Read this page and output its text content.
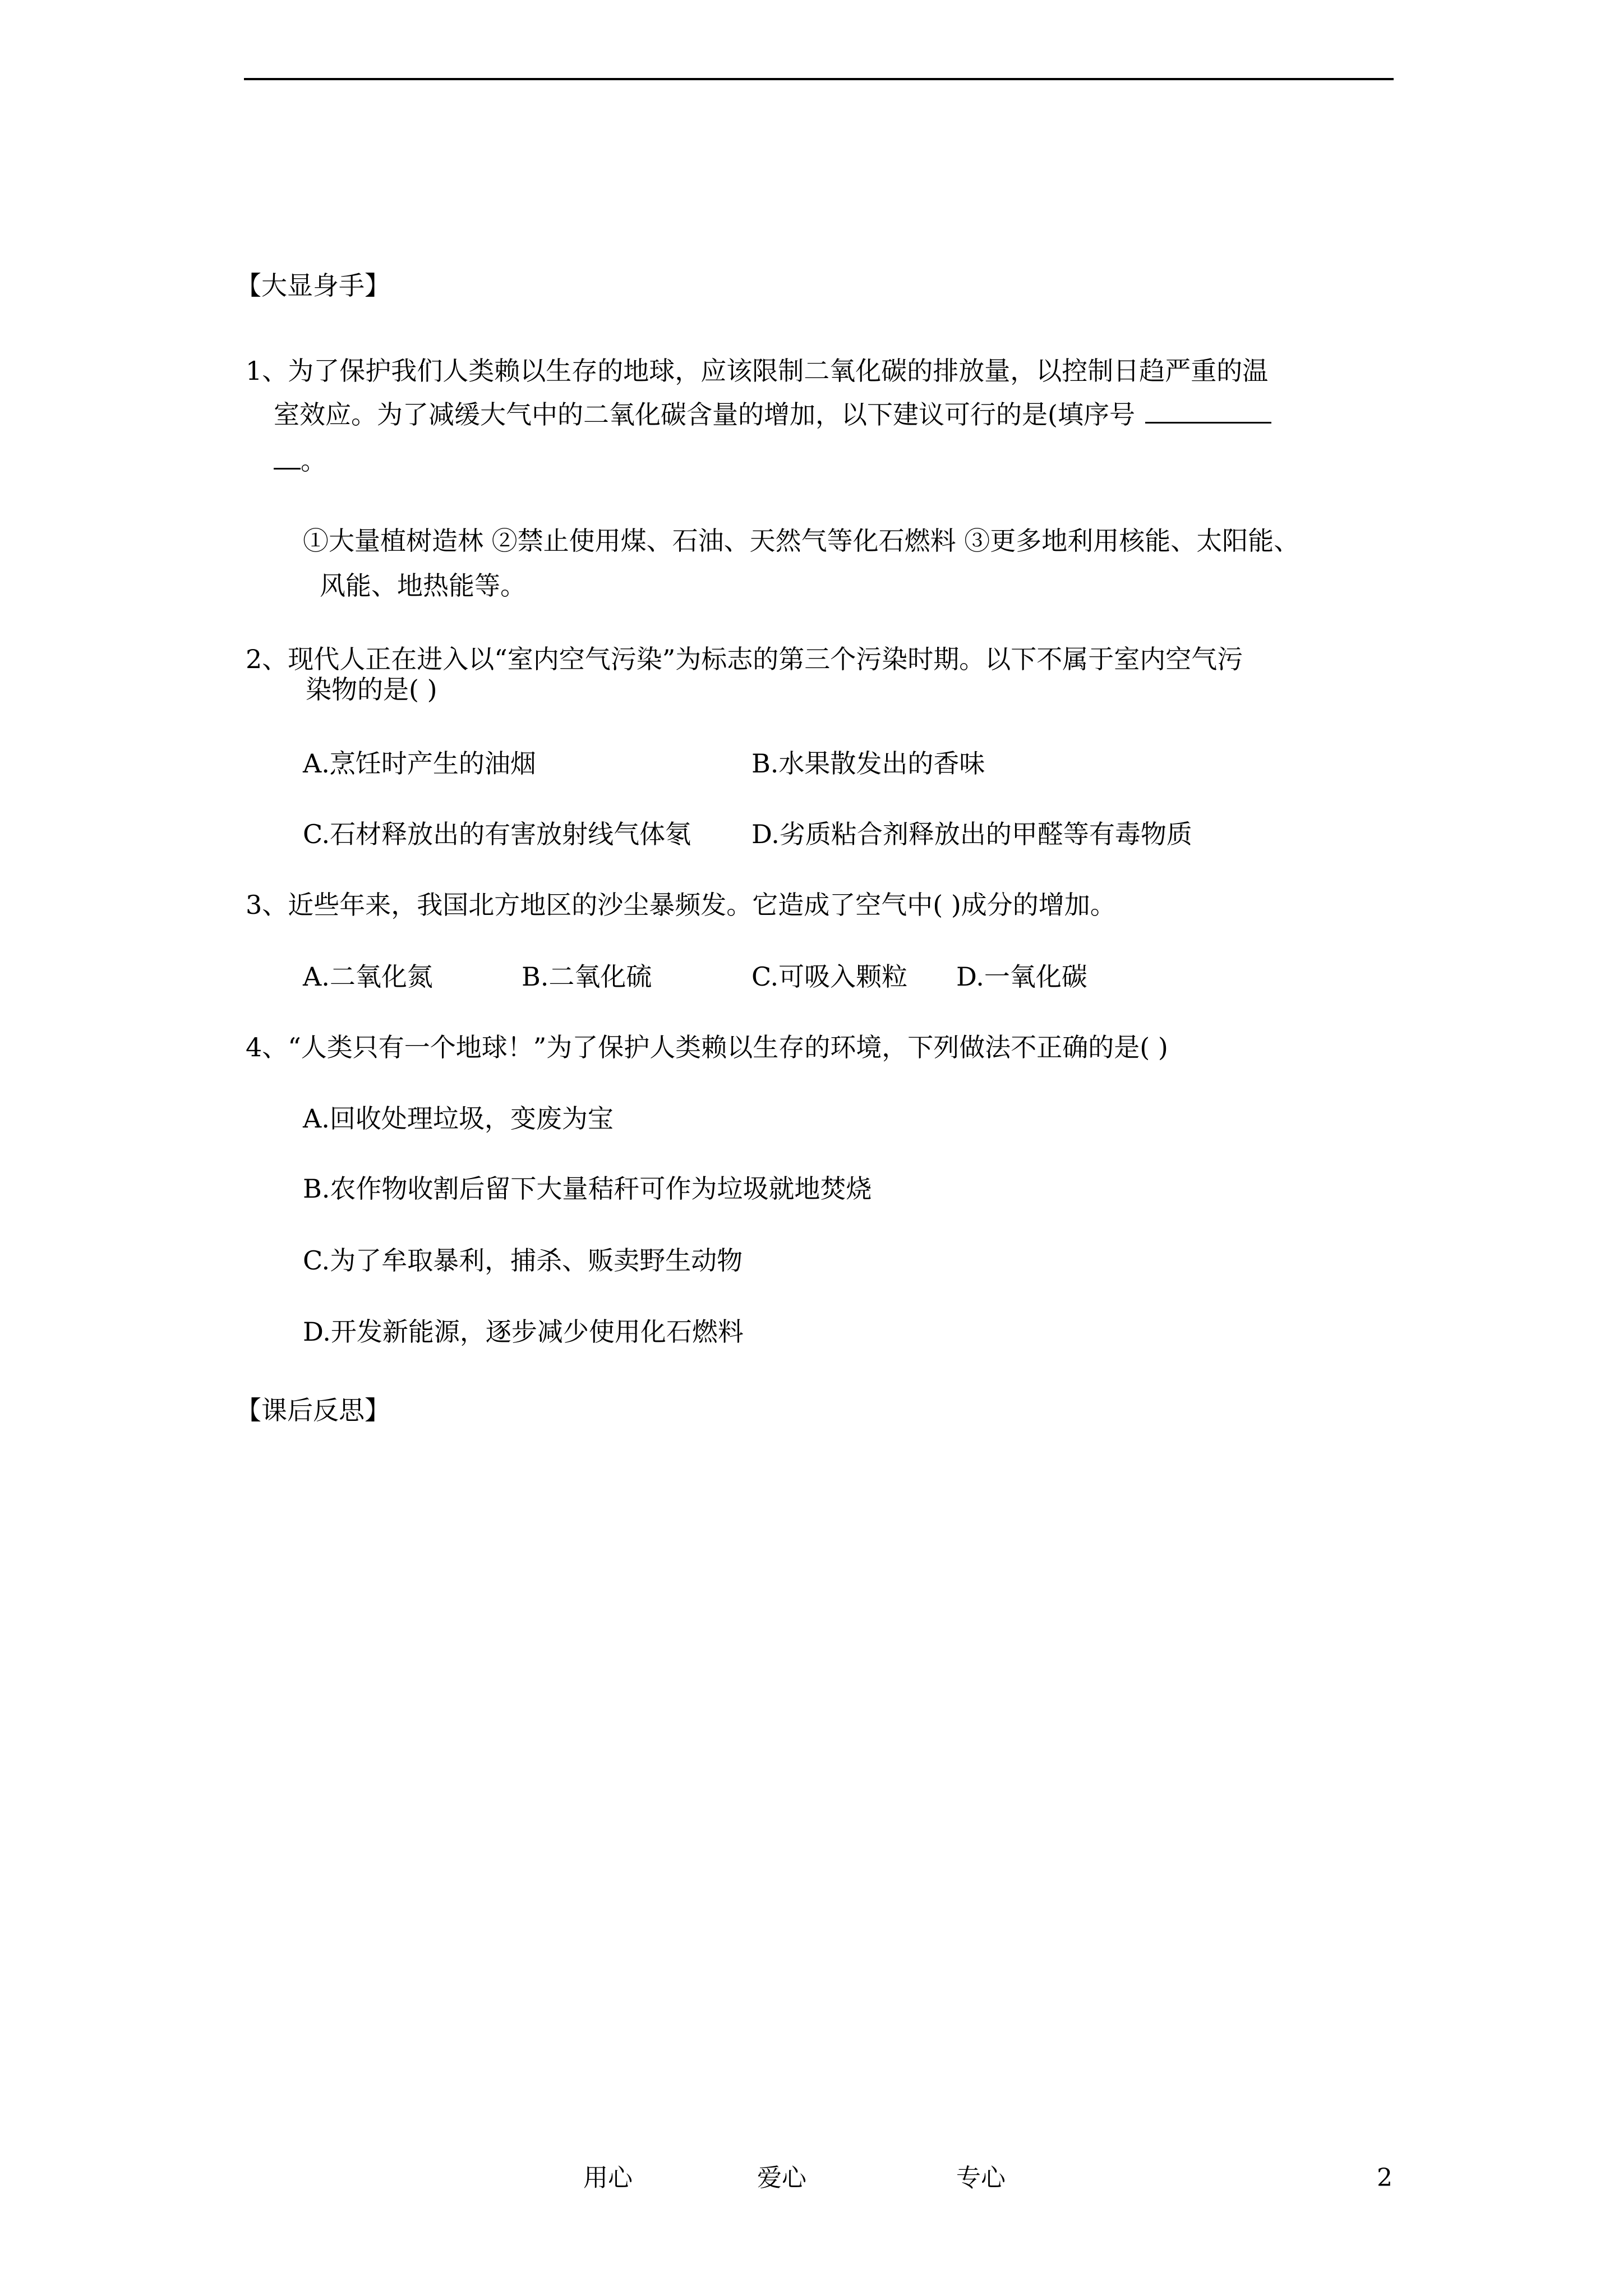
【大显身手】
1、为了保护我们人类赖以生存的地球，应该限制二氧化碳的排放量，以控制日趋严重的温
室效应。为了减缓大气中的二氧化碳含量的增加，以下建议可行的是(填序号
。
①大量植树造林 ②禁止使用煤、石油、天然气等化石燃料 ③更多地利用核能、太阳能、
风能、地热能等。
2、现代人正在进入以“室内空气污染”为标志的第三个污染时期。以下不属于室内空气污
染物的是( )
A.烹饪时产生的油烟	B.水果散发出的香味
C.石材释放出的有害放射线气体氡 D.劣质粘合剂释放出的甲醛等有毒物质
3、近些年来，我国北方地区的沙尘暴频发。它造成了空气中( )成分的增加。
A.二氧化氮	B.二氧化硫	C.可吸入颗粒 D.一氧化碳
4、“人类只有一个地球！”为了保护人类赖以生存的环境，下列做法不正确的是( )
A.回收处理垃圾，变废为宝
B.农作物收割后留下大量秸秆可作为垃圾就地焚烧
C.为了牟取暴利，捕杀、贩卖野生动物
D.开发新能源，逐步减少使用化石燃料
【课后反思】
用心	爱心	专心	2
